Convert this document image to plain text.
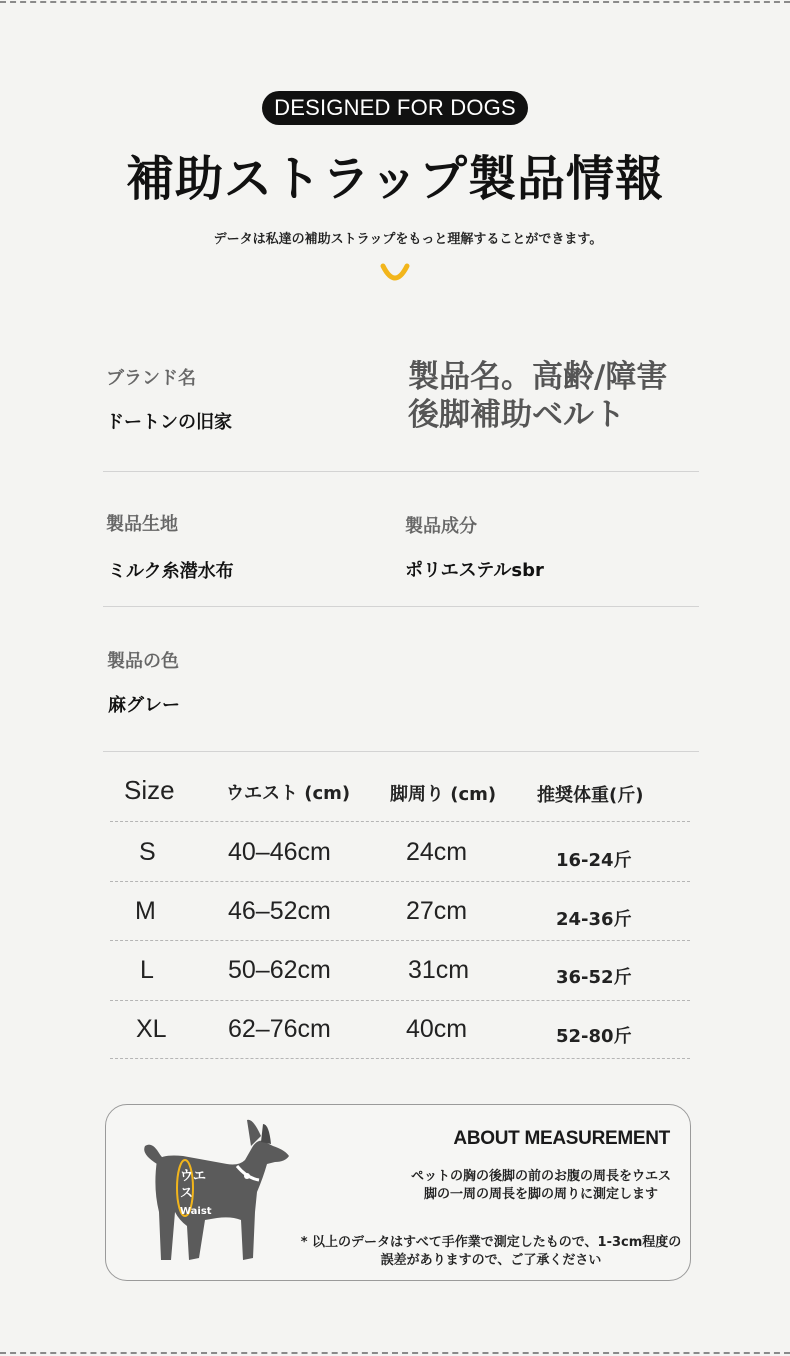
DESIGNED FOR DOGS
補助ストラップ製品情報
データは私達の補助ストラップをもっと理解することができます。
ブランド名
ドートンの旧家
製品名。高齢/障害後脚補助ベルト
製品生地
ミルク糸潜水布
製品成分
ポリエステルsbr
製品の色
麻グレー
Size	ウエスト (cm) 脚周り (cm) 推奨体重(斤)
S	40–46cm	24cm	16-24斤
M	46–52cm	27cm	24-36斤
L	50–62cm	31cm	36-52斤
XL 62–76cm	40cm	52-80斤
ウエス
Waist
ABOUT MEASUREMENT
ペットの胸の後脚の前のお腹の周長をウエス 脚の一周の周長を脚の周りに測定します
* 以上のデータはすべて手作業で測定したもので、1-3cm程度の誤差がありますので、ご了承ください
